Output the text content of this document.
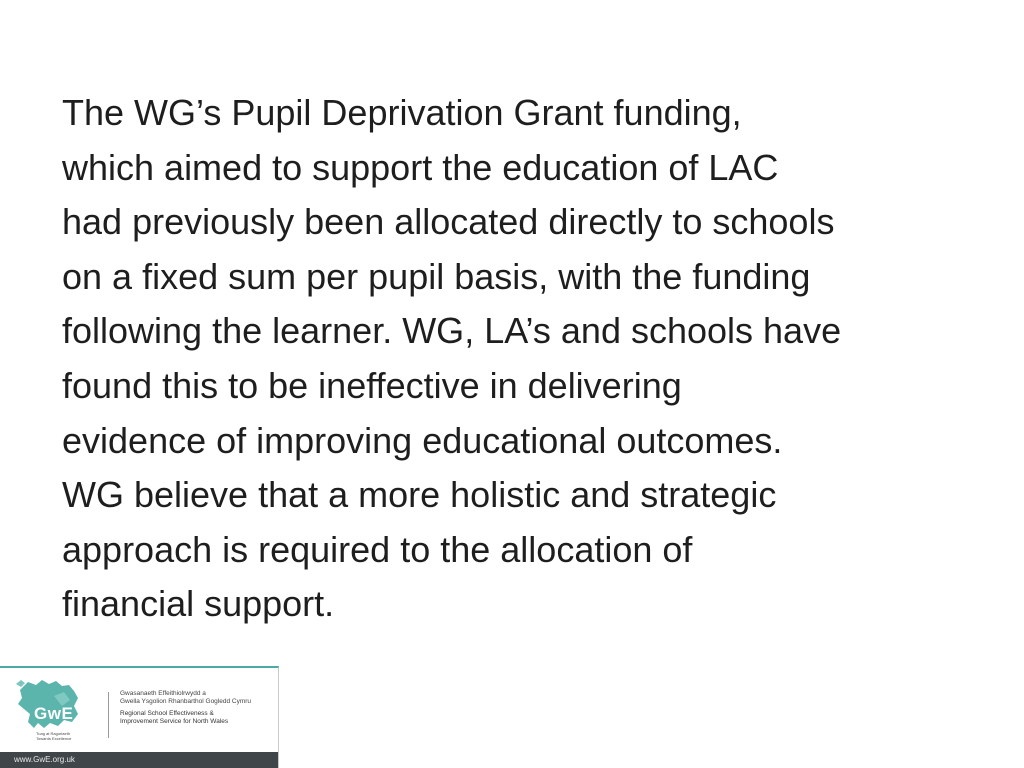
The WG’s Pupil Deprivation Grant funding,
which aimed to support the education of LAC
had previously been allocated directly to schools
on a fixed sum per pupil basis, with the funding
following the learner. WG, LA’s and schools have
found this to be ineffective in delivering
evidence of improving educational outcomes.
WG believe that a more holistic and strategic
approach is required to the allocation of
financial support.

GwE
Tuag at Ragoriaeth Towards Excellence
Gwasanaeth Effeithiolrwydd a
Gwella Ysgolion Rhanbarthol Gogledd Cymru
Regional School Effectiveness &
Improvement Service for North Wales
www.GwE.org.uk
